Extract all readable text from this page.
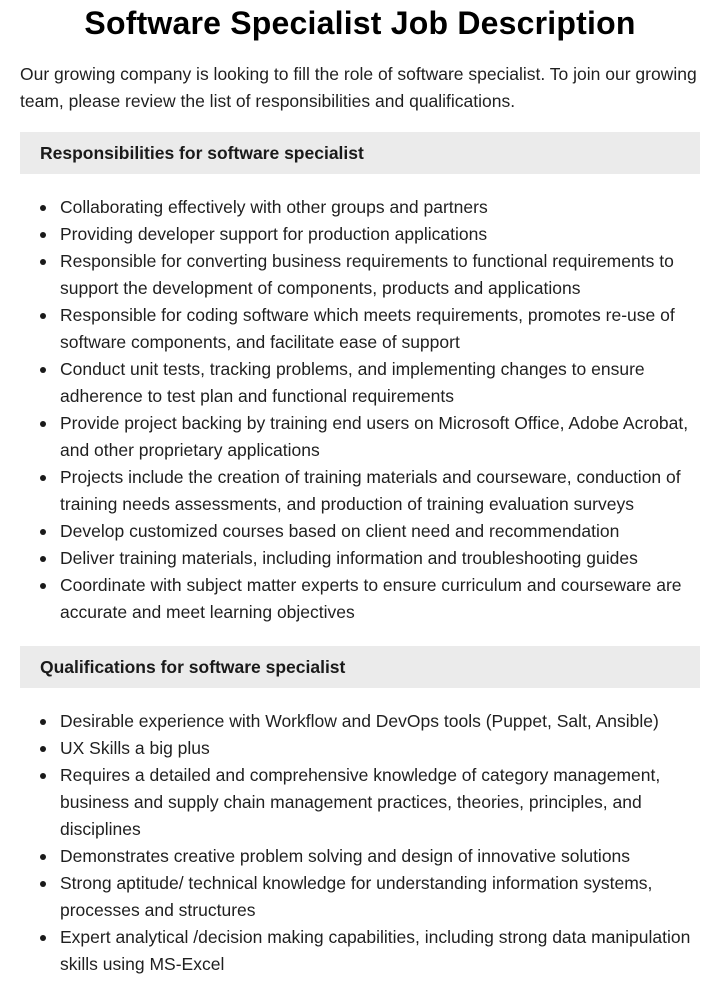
Software Specialist Job Description

Our growing company is looking to fill the role of software specialist. To join our growing team, please review the list of responsibilities and qualifications.

Responsibilities for software specialist
Collaborating effectively with other groups and partners
Providing developer support for production applications
Responsible for converting business requirements to functional requirements to support the development of components, products and applications
Responsible for coding software which meets requirements, promotes re-use of software components, and facilitate ease of support
Conduct unit tests, tracking problems, and implementing changes to ensure adherence to test plan and functional requirements
Provide project backing by training end users on Microsoft Office, Adobe Acrobat, and other proprietary applications
Projects include the creation of training materials and courseware, conduction of training needs assessments, and production of training evaluation surveys
Develop customized courses based on client need and recommendation
Deliver training materials, including information and troubleshooting guides
Coordinate with subject matter experts to ensure curriculum and courseware are accurate and meet learning objectives
Qualifications for software specialist
Desirable experience with Workflow and DevOps tools (Puppet, Salt, Ansible)
UX Skills a big plus
Requires a detailed and comprehensive knowledge of category management, business and supply chain management practices, theories, principles, and disciplines
Demonstrates creative problem solving and design of innovative solutions
Strong aptitude/ technical knowledge for understanding information systems, processes and structures
Expert analytical /decision making capabilities, including strong data manipulation skills using MS-Excel
